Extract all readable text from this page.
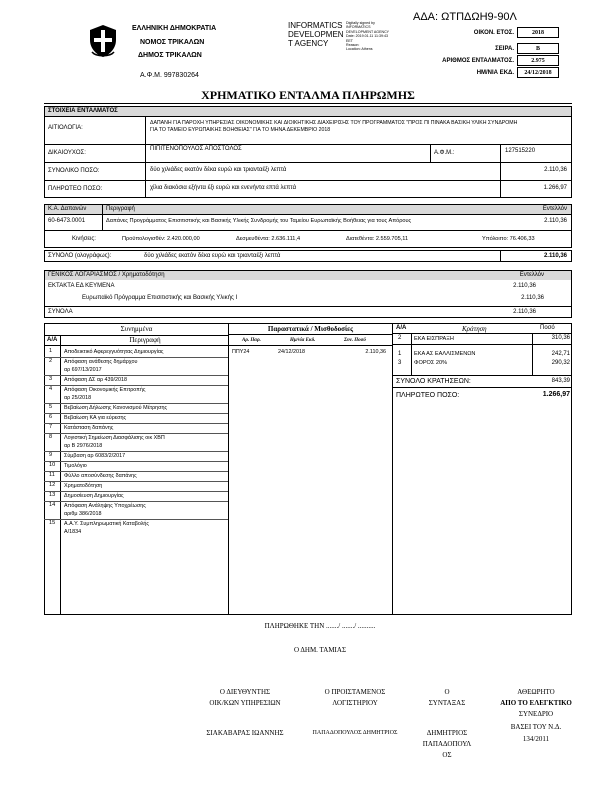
ΕΛΛΗΝΙΚΗ ΔΗΜΟΚΡΑΤΙΑ
ΝΟΜΟΣ ΤΡΙΚΑΛΩΝ
ΔΗΜΟΣ ΤΡΙΚΑΛΩΝ
Α.Φ.Μ. 997830264
INFORMATICS
DEVELOPMEN
T AGENCY
Digitally signed by
INFORMATICS
DEVELOPMENT AGENCY
Date: 2019.01.11 11:39:43
EET
Reason:
Location: Athens
ΑΔΑ: ΩΤΠΔΩΗ9-90Λ
ΟΙΚΟΝ. ΕΤΟΣ.	2018
ΣΕΙΡΑ.	Β
ΑΡΙΘΜΟΣ ΕΝΤΑΛΜΑΤΟΣ.	2.975
ΗΜ/ΝΙΑ ΕΚΔ.	24/12/2018
ΧΡΗΜΑΤΙΚΟ ΕΝΤΑΛΜΑ ΠΛΗΡΩΜΗΣ
ΣΤΟΙΧΕΙΑ ΕΝΤΑΛΜΑΤΟΣ
ΑΙΤΙΟΛΟΓΙΑ:
ΔΑΠΑΝΗ ΓΙΑ ΠΑΡΟΧΗ ΥΠΗΡΕΣΙΑΣ ΟΙΚΟΝΟΜΙΚΗΣ ΚΑΙ ΔΙΟΙΚΗΤΙΚΗΣ ΔΙΑΧΕΙΡΙΣΗΣ ΤΟΥ ΠΡΟΓΡΑΜΜΑΤΟΣ "ΠΡΟΣ ΠΙ ΠΙΝΑΚΑ ΒΑΣΙΚΗ ΥΛΙΚΗ ΣΥΝΔΡΟΜΗ ΓΙΑ ΤΟ ΤΑΜΕΙΟ ΕΥΡΩΠΑΙΚΗΣ ΒΟΗΘΕΙΑΣ" ΓΙΑ ΤΟ ΜΗΝΑ ΔΕΚΕΜΒΡΙΟ 2018
ΔΙΚΑΙΟΥΧΟΣ:
ΠΙΠΙΤΕΝΟΠΟΥΛΟΣ ΑΠΟΣΤΟΛΟΣ
Α.Φ.Μ.:	127515220
ΣΥΝΟΛΙΚΟ ΠΟΣΟ:	δύο χιλιάδες εκατόν δέκα ευρώ και τριανταέξι λεπτά	2.110,36
ΠΛΗΡΩΤΕΟ ΠΟΣΟ:	χίλια διακόσια εξήντα έξι ευρώ και ενενήντα επτά λεπτά	1.266,97
Κ.Α. Δαπανών	Περιγραφή	Εντελλόν
60-6473.0001	Δαπάνες Προγράμματος Επισιτιστικής και Βασικής Υλικής Συνδρομής του Ταμείου Ευρωπαϊκής Βοήθειας για τους Απόρους	2.110,36
Κινήσεις:	Προϋπολογισθέν: 2.420.000,00	Δεσμευθέντα: 2.636.111,4	Διατεθέντα: 2.559.705,11	Υπόλοιπο: 76.406,33
ΣΥΝΟΛΟ (ολογράφως):	δύο χιλιάδες εκατόν δέκα ευρώ και τριανταέξι λεπτά	2.110,36
ΓΕΝΙΚΟΣ ΛΟΓΑΡΙΑΣΜΟΣ / Χρηματοδότηση	Εντελλόν
ΕΚΤΑΚΤΑ ΕΔ ΚΕΥΜΕΝΑ	2.110,36
Ευρωπαϊκό Πρόγραμμα Επισιτιστικής και Βασικής Υλικής Ι	2.110,36
ΣΥΝΟΛΑ	2.110,36
Συνημμένα
Α/Α	Περιγραφή
1 Αποδεικτικό Αφερεγγυότητας Δημιουργίας
2 Απόφαση ανάθεσης δημάρχου
αρ 697/13/2017
3 Απόφαση ΔΣ αρ 439/2018
4 Απόφαση Οικονομικής Επιτροπής
αρ 25/2018
5 Βεβαίωση Δήλωσης Κανονισμού Μέτρησης
6 Βεβαίωση ΚΑ για εύρεσης
7 Κατάσταση δαπάνης
8 Λογιστική Σημείωση Διασφάλισης οικ ΧΒΠ
αρ Β 2976/2018
9 Σύμβαση αρ 6083/2/2017
10 Τιμολόγιο
11 Φύλλο αποσύνδεσης δαπάνης
12 Χρηματοδότηση
13 Δημοσίευση Δημιουργίας
14 Απόφαση Ανάληψης Υποχρέωσης
αριθμ 386/2018
15 Α.Α.Υ. Συμπληρωματική Καταβολής
Α/1834
Παραστατικά / Μισθοδοσίες
Αρ. Παρ.	Ημ/νία Εκδ.	Συν. Ποσό
ΠΠΥ24	24/12/2018	2.110,36
Α/Α	Κράτηση	Ποσό
2 ΕΚΑ ΕΙΣΠΡΑΞΗ	310,36
1 ΕΚΑ ΑΣ ΕΑΛΛΙΣΜΕΝΩΝ	242,71
3 ΦΟΡΟΣ 20%	290,32
ΣΥΝΟΛΟ ΚΡΑΤΗΣΕΩΝ:	843,39
ΠΛΗΡΩΤΕΟ ΠΟΣΟ:	1.266,97
ΠΛΗΡΩΘΗΚΕ ΤΗΝ ......./ ......./ ..........
Ο ΔΗΜ. ΤΑΜΙΑΣ
Ο ΔΙΕΥΘΥΝΤΗΣ
ΟΙΚ/ΚΩΝ ΥΠΗΡΕΣΙΩΝ
ΣΙΑΚΑΒΑΡΑΣ ΙΩΑΝΝΗΣ
Ο ΠΡΟΙΣΤΑΜΕΝΟΣ
ΛΟΓΙΣΤΗΡΙΟΥ
ΠΑΠΑΔΟΠΟΥΛΟΣ ΔΗΜΗΤΡΙΟΣ
Ο
ΣΥΝΤΑΞΑΣ
ΔΗΜΗΤΡΙΟΣ
ΠΑΠΑΔΟΠΟΥΛ
ΟΣ
ΑΘΕΩΡΗΤΟ
ΑΠΟ ΤΟ ΕΛΕΓΚΤΙΚΟ
ΣΥΝΕΔΡΙΟ
ΒΑΣΕΙ ΤΟΥ Ν.Δ.
134/2011
